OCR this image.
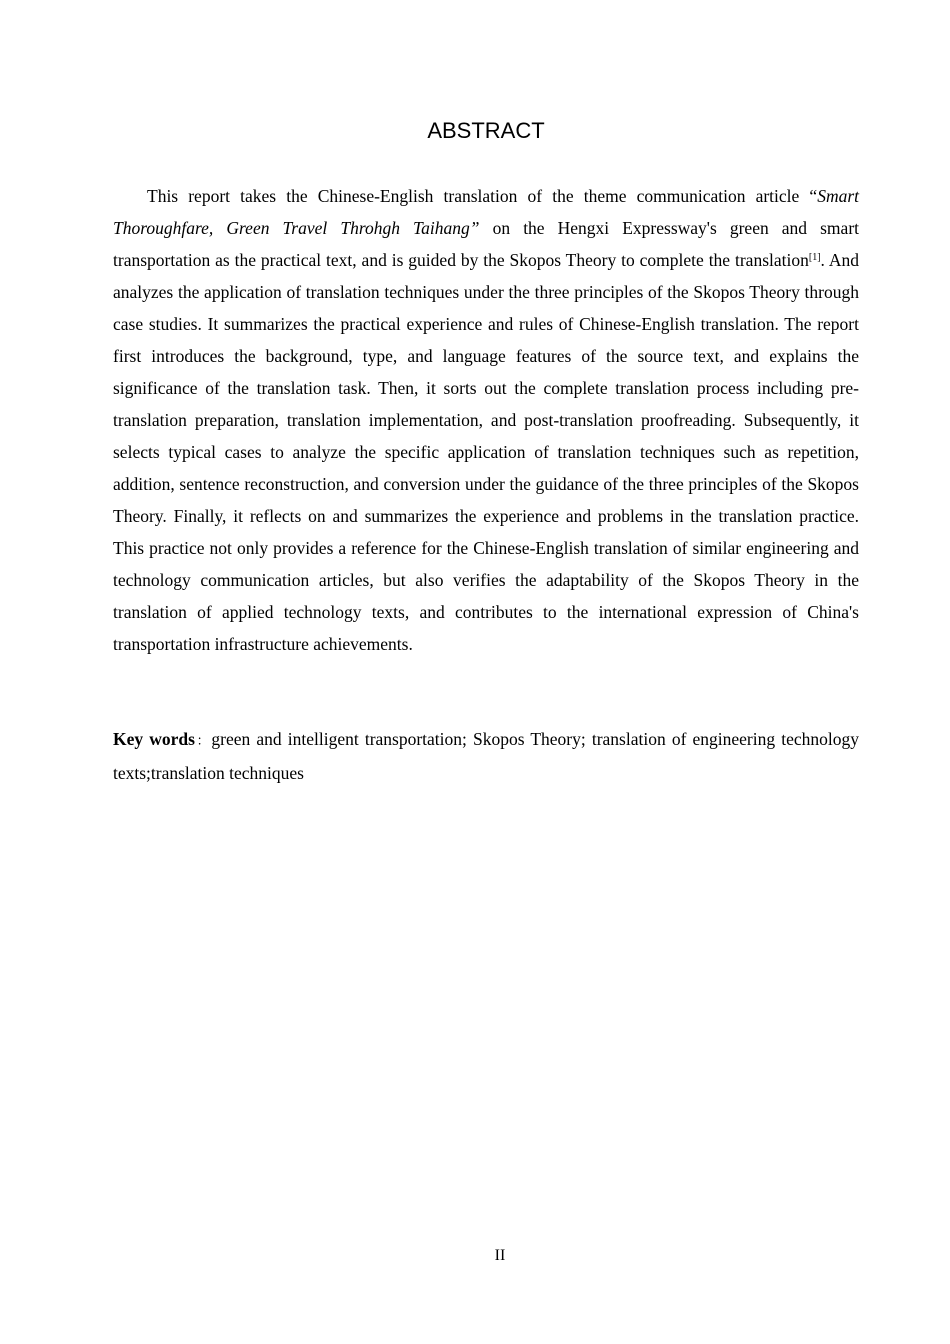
ABSTRACT

This report takes the Chinese-English translation of the theme communication article “Smart Thoroughfare, Green Travel Throhgh Taihang” on the Hengxi Expressway's green and smart transportation as the practical text, and is guided by the Skopos Theory to complete the translation[1]. And analyzes the application of translation techniques under the three principles of the Skopos Theory through case studies. It summarizes the practical experience and rules of Chinese-English translation. The report first introduces the background, type, and language features of the source text, and explains the significance of the translation task. Then, it sorts out the complete translation process including pre-translation preparation, translation implementation, and post-translation proofreading. Subsequently, it selects typical cases to analyze the specific application of translation techniques such as repetition, addition, sentence reconstruction, and conversion under the guidance of the three principles of the Skopos Theory. Finally, it reflects on and summarizes the experience and problems in the translation practice. This practice not only provides a reference for the Chinese-English translation of similar engineering and technology communication articles, but also verifies the adaptability of the Skopos Theory in the translation of applied technology texts, and contributes to the international expression of China's transportation infrastructure achievements.

Key words：green and intelligent transportation; Skopos Theory; translation of engineering technology texts;translation techniques

II
